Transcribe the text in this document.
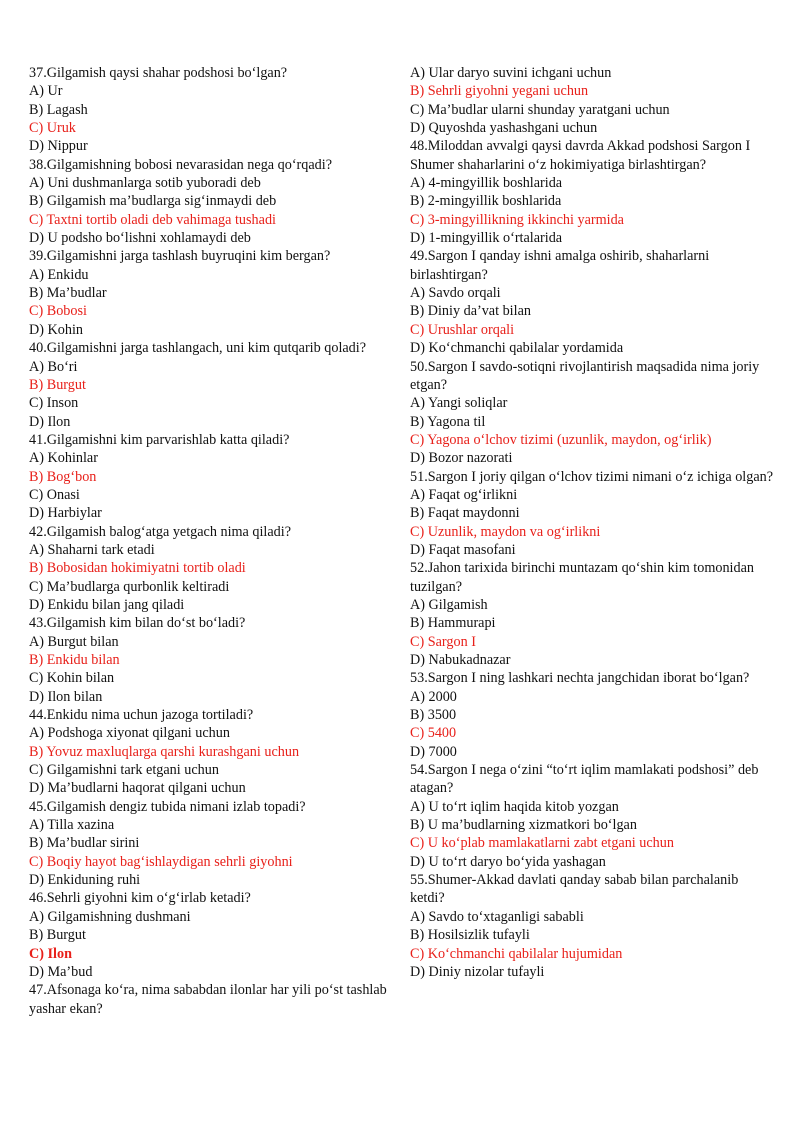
37.Gilgamish qaysi shahar podshosi bo‘lgan?
A) Ur
B) Lagash
C) Uruk
D) Nippur
38.Gilgamishning bobosi nevarasidan nega qo‘rqadi?
A) Uni dushmanlarga sotib yuboradi deb
B) Gilgamish ma’budlarga sig‘inmaydi deb
C) Taxtni tortib oladi deb vahimaga tushadi
D) U podsho bo‘lishni xohlamaydi deb
39.Gilgamishni jarga tashlash buyruqini kim bergan?
A) Enkidu
B) Ma’budlar
C) Bobosi
D) Kohin
40.Gilgamishni jarga tashlangach, uni kim qutqarib qoladi?
A) Bo‘ri
B) Burgut
C) Inson
D) Ilon
41.Gilgamishni kim parvarishlab katta qiladi?
A) Kohinlar
B) Bog‘bon
C) Onasi
D) Harbiylar
42.Gilgamish balog‘atga yetgach nima qiladi?
A) Shaharni tark etadi
B) Bobosidan hokimiyatni tortib oladi
C) Ma’budlarga qurbonlik keltiradi
D) Enkidu bilan jang qiladi
43.Gilgamish kim bilan do‘st bo‘ladi?
A) Burgut bilan
B) Enkidu bilan
C) Kohin bilan
D) Ilon bilan
44.Enkidu nima uchun jazoga tortiladi?
A) Podshoga xiyonat qilgani uchun
B) Yovuz maxluqlarga qarshi kurashgani uchun
C) Gilgamishni tark etgani uchun
D) Ma’budlarni haqorat qilgani uchun
45.Gilgamish dengiz tubida nimani izlab topadi?
A) Tilla xazina
B) Ma’budlar sirini
C) Boqiy hayot bag‘ishlaydigan sehrli giyohni
D) Enkiduning ruhi
46.Sehrli giyohni kim o‘g‘irlab ketadi?
A) Gilgamishning dushmani
B) Burgut
C) Ilon
D) Ma’bud
47.Afsonaga ko‘ra, nima sababdan ilonlar har yili po‘st tashlab yashar ekan?
A) Ular daryo suvini ichgani uchun
B) Sehrli giyohni yegani uchun
C) Ma’budlar ularni shunday yaratgani uchun
D) Quyoshda yashashgani uchun
48.Miloddan avvalgi qaysi davrda Akkad podshosi Sargon I Shumer shaharlarini o‘z hokimiyatiga birlashtirgan?
A) 4-mingyillik boshlarida
B) 2-mingyillik boshlarida
C) 3-mingyillikning ikkinchi yarmida
D) 1-mingyillik o‘rtalarida
49.Sargon I qanday ishni amalga oshirib, shaharlarni birlashtirgan?
A) Savdo orqali
B) Diniy da’vat bilan
C) Urushlar orqali
D) Ko‘chmanchi qabilalar yordamida
50.Sargon I savdo-sotiqni rivojlantirish maqsadida nima joriy etgan?
A) Yangi soliqlar
B) Yagona til
C) Yagona o‘lchov tizimi (uzunlik, maydon, og‘irlik)
D) Bozor nazorati
51.Sargon I joriy qilgan o‘lchov tizimi nimani o‘z ichiga olgan?
A) Faqat og‘irlikni
B) Faqat maydonni
C) Uzunlik, maydon va og‘irlikni
D) Faqat masofani
52.Jahon tarixida birinchi muntazam qo‘shin kim tomonidan tuzilgan?
A) Gilgamish
B) Hammurapi
C) Sargon I
D) Nabukadnazar
53.Sargon I ning lashkari nechta jangchidan iborat bo‘lgan?
A) 2000
B) 3500
C) 5400
D) 7000
54.Sargon I nega o‘zini “to‘rt iqlim mamlakati podshosi” deb atagan?
A) U to‘rt iqlim haqida kitob yozgan
B) U ma’budlarning xizmatkori bo‘lgan
C) U ko‘plab mamlakatlarni zabt etgani uchun
D) U to‘rt daryo bo‘yida yashagan
55.Shumer-Akkad davlati qanday sabab bilan parchalanib ketdi?
A) Savdo to‘xtaganligi sababli
B) Hosilsizlik tufayli
C) Ko‘chmanchi qabilalar hujumidan
D) Diniy nizolar tufayli
